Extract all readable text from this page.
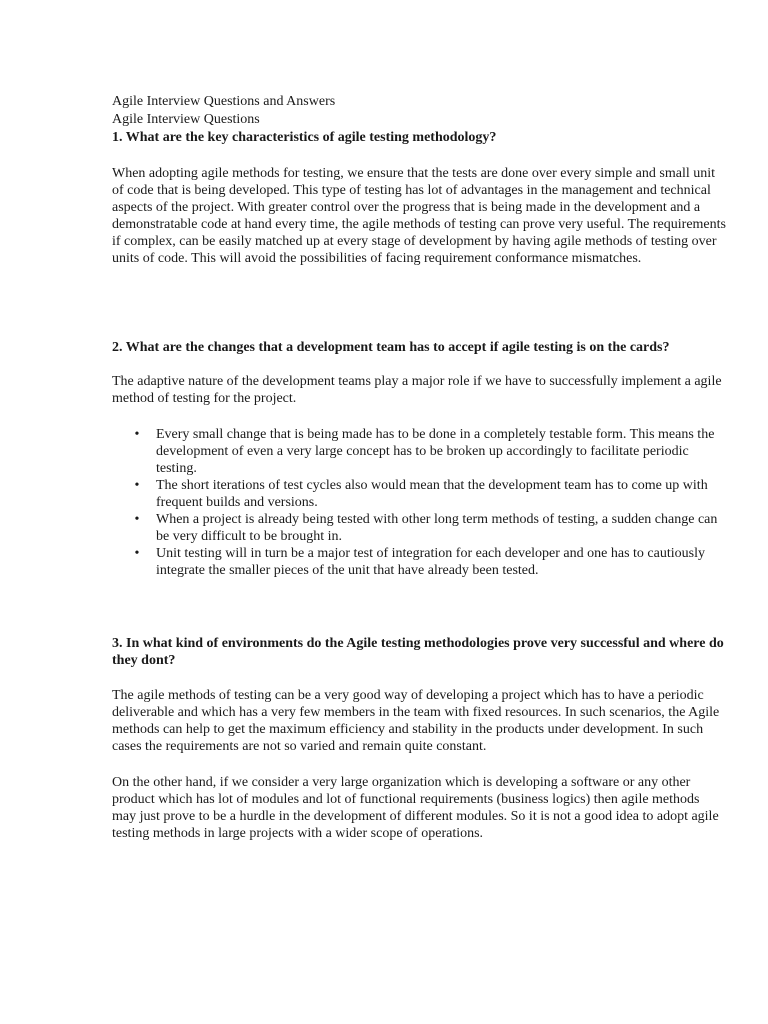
Agile Interview Questions and Answers

Agile Interview Questions

1. What are the key characteristics of agile testing methodology?

When adopting agile methods for testing, we ensure that the tests are done over every simple and small unit of code that is being developed. This type of testing has lot of advantages in the management and technical aspects of the project. With greater control over the progress that is being made in the development and a demonstratable code at hand every time, the agile methods of testing can prove very useful. The requirements if complex, can be easily matched up at every stage of development by having agile methods of testing over units of code. This will avoid the possibilities of facing requirement conformance mismatches.

2. What are the changes that a development team has to accept if agile testing is on the cards?

The adaptive nature of the development teams play a major role if we have to successfully implement a agile method of testing for the project.

• Every small change that is being made has to be done in a completely testable form. This means the development of even a very large concept has to be broken up accordingly to facilitate periodic testing.
• The short iterations of test cycles also would mean that the development team has to come up with frequent builds and versions.
• When a project is already being tested with other long term methods of testing, a sudden change can be very difficult to be brought in.
• Unit testing will in turn be a major test of integration for each developer and one has to cautiously integrate the smaller pieces of the unit that have already been tested.

3. In what kind of environments do the Agile testing methodologies prove very successful and where do they dont?

The agile methods of testing can be a very good way of developing a project which has to have a periodic deliverable and which has a very few members in the team with fixed resources. In such scenarios, the Agile methods can help to get the maximum efficiency and stability in the products under development. In such cases the requirements are not so varied and remain quite constant.

On the other hand, if we consider a very large organization which is developing a software or any other product which has lot of modules and lot of functional requirements (business logics) then agile methods may just prove to be a hurdle in the development of different modules. So it is not a good idea to adopt agile testing methods in large projects with a wider scope of operations.
